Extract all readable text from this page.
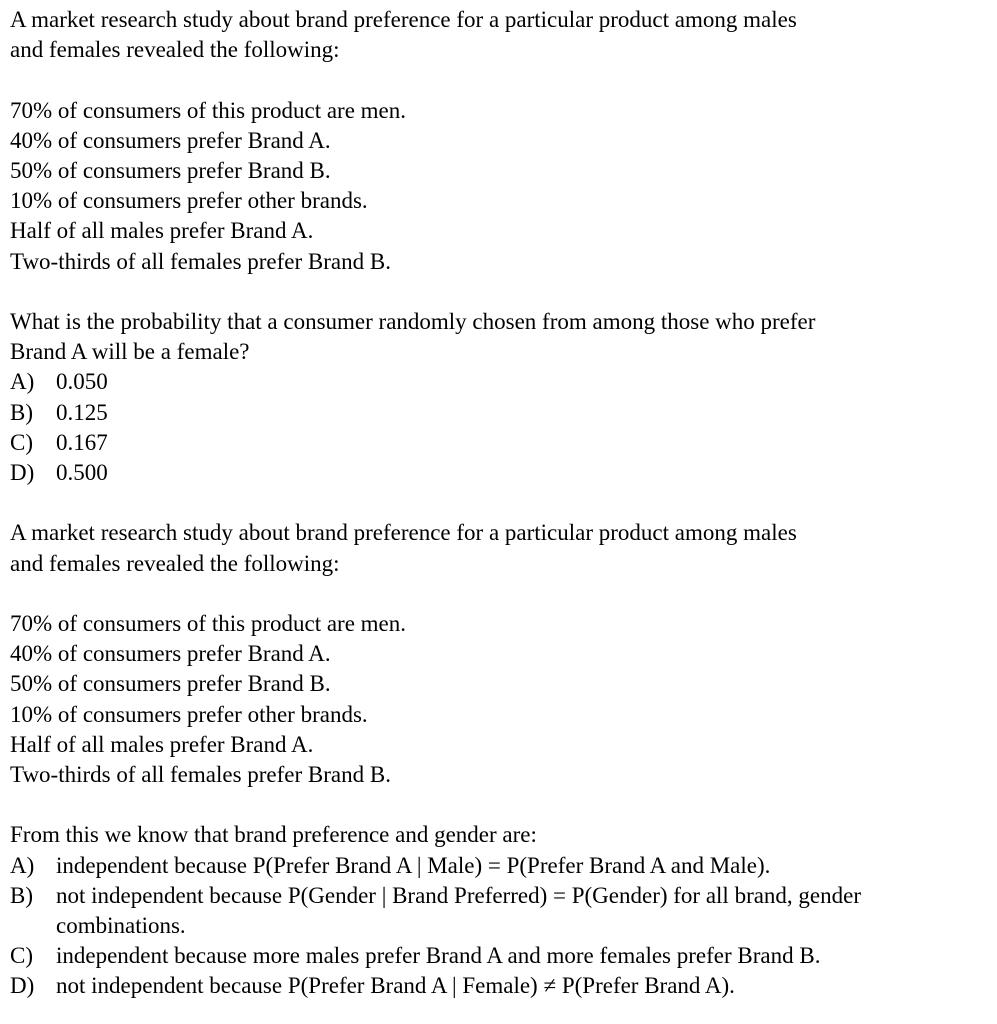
A market research study about brand preference for a particular product among males

and females revealed the following:

70% of consumers of this product are men.

40% of consumers prefer Brand A.

50% of consumers prefer Brand B.

10% of consumers prefer other brands.

Half of all males prefer Brand A.

Two-thirds of all females prefer Brand B.

What is the probability that a consumer randomly chosen from among those who prefer

Brand A will be a female?

A) 0.050
B)	0.125
C)	0.167
D) 0.500

A market research study about brand preference for a particular product among males

and females revealed the following:

70% of consumers of this product are men.

40% of consumers prefer Brand A.

50% of consumers prefer Brand B.

10% of consumers prefer other brands.

Half of all males prefer Brand A.

Two-thirds of all females prefer Brand B.

From this we know that brand preference and gender are:

A) independent because P(Prefer Brand A | Male) = P(Prefer Brand A and Male).
B)	not independent because P(Gender | Brand Preferred) = P(Gender) for all brand, gender combinations.
C)	independent because more males prefer Brand A and more females prefer Brand B.
D) not independent because P(Prefer Brand A | Female) ≠ P(Prefer Brand A).
